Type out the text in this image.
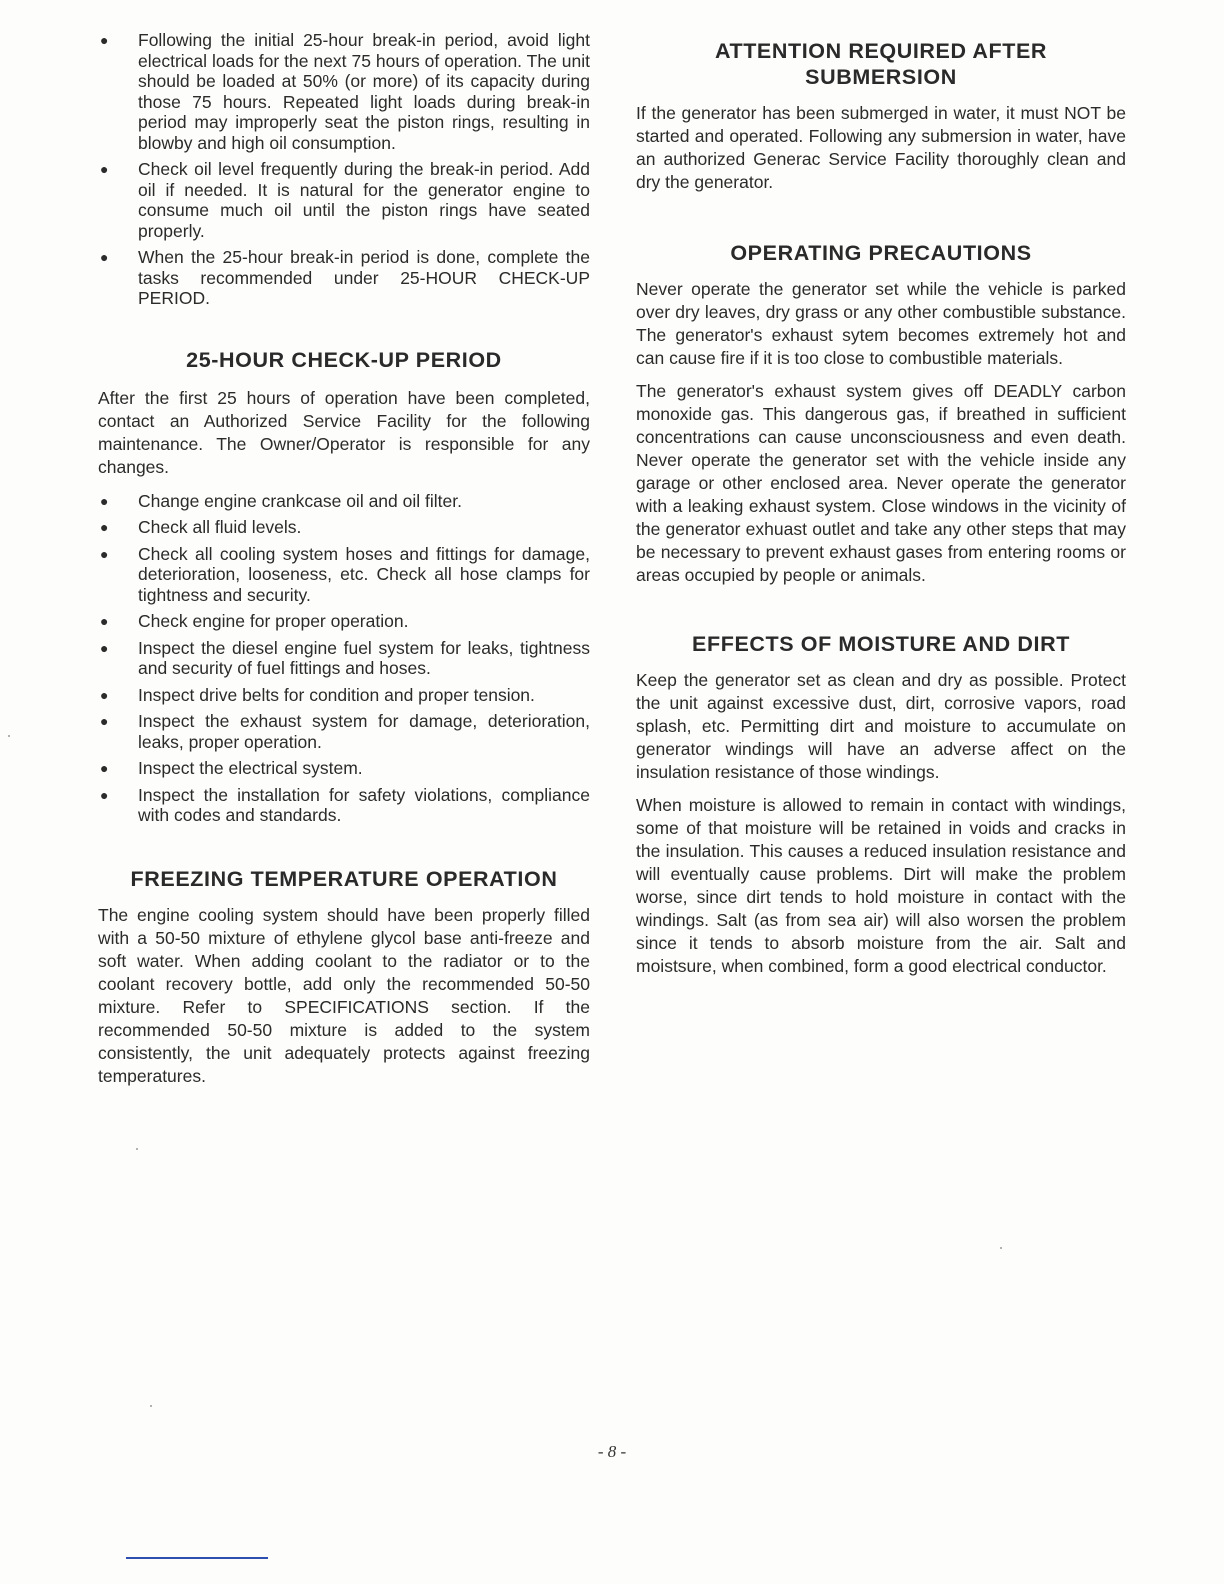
● Following the initial 25-hour break-in period, avoid light electrical loads for the next 75 hours of operation. The unit should be loaded at 50% (or more) of its capacity during those 75 hours. Repeated light loads during break-in period may improperly seat the piston rings, resulting in blowby and high oil consumption.
● Check oil level frequently during the break-in period. Add oil if needed. It is natural for the generator engine to consume much oil until the piston rings have seated properly.
● When the 25-hour break-in period is done, complete the tasks recommended under 25-HOUR CHECK-UP PERIOD.
25-HOUR CHECK-UP PERIOD

After the first 25 hours of operation have been completed, contact an Authorized Service Facility for the following maintenance. The Owner/Operator is responsible for any changes.

● Change engine crankcase oil and oil filter.
● Check all fluid levels.
● Check all cooling system hoses and fittings for damage, deterioration, looseness, etc. Check all hose clamps for tightness and security.
● Check engine for proper operation.
● Inspect the diesel engine fuel system for leaks, tightness and security of fuel fittings and hoses.
● Inspect drive belts for condition and proper tension.
● Inspect the exhaust system for damage, deterioration, leaks, proper operation.
● Inspect the electrical system.
● Inspect the installation for safety violations, compliance with codes and standards.
FREEZING TEMPERATURE OPERATION

The engine cooling system should have been properly filled with a 50-50 mixture of ethylene glycol base anti-freeze and soft water. When adding coolant to the radiator or to the coolant recovery bottle, add only the recommended 50-50 mixture. Refer to SPECIFICATIONS section. If the recommended 50-50 mixture is added to the system consistently, the unit adequately protects against freezing temperatures.

ATTENTION REQUIRED AFTER
SUBMERSION

If the generator has been submerged in water, it must NOT be started and operated. Following any submersion in water, have an authorized Generac Service Facility thoroughly clean and dry the generator.

OPERATING PRECAUTIONS

Never operate the generator set while the vehicle is parked over dry leaves, dry grass or any other combustible substance. The generator's exhaust sytem becomes extremely hot and can cause fire if it is too close to combustible materials.

The generator's exhaust system gives off DEADLY carbon monoxide gas. This dangerous gas, if breathed in sufficient concentrations can cause unconsciousness and even death. Never operate the generator set with the vehicle inside any garage or other enclosed area. Never operate the generator with a leaking exhaust system. Close windows in the vicinity of the generator exhuast outlet and take any other steps that may be necessary to prevent exhaust gases from entering rooms or areas occupied by people or animals.

EFFECTS OF MOISTURE AND DIRT

Keep the generator set as clean and dry as possible. Protect the unit against excessive dust, dirt, corrosive vapors, road splash, etc. Permitting dirt and moisture to accumulate on generator windings will have an adverse affect on the insulation resistance of those windings.

When moisture is allowed to remain in contact with windings, some of that moisture will be retained in voids and cracks in the insulation. This causes a reduced insulation resistance and will eventually cause problems. Dirt will make the problem worse, since dirt tends to hold moisture in contact with the windings. Salt (as from sea air) will also worsen the problem since it tends to absorb moisture from the air. Salt and moistsure, when combined, form a good electrical conductor.

- 8 -
